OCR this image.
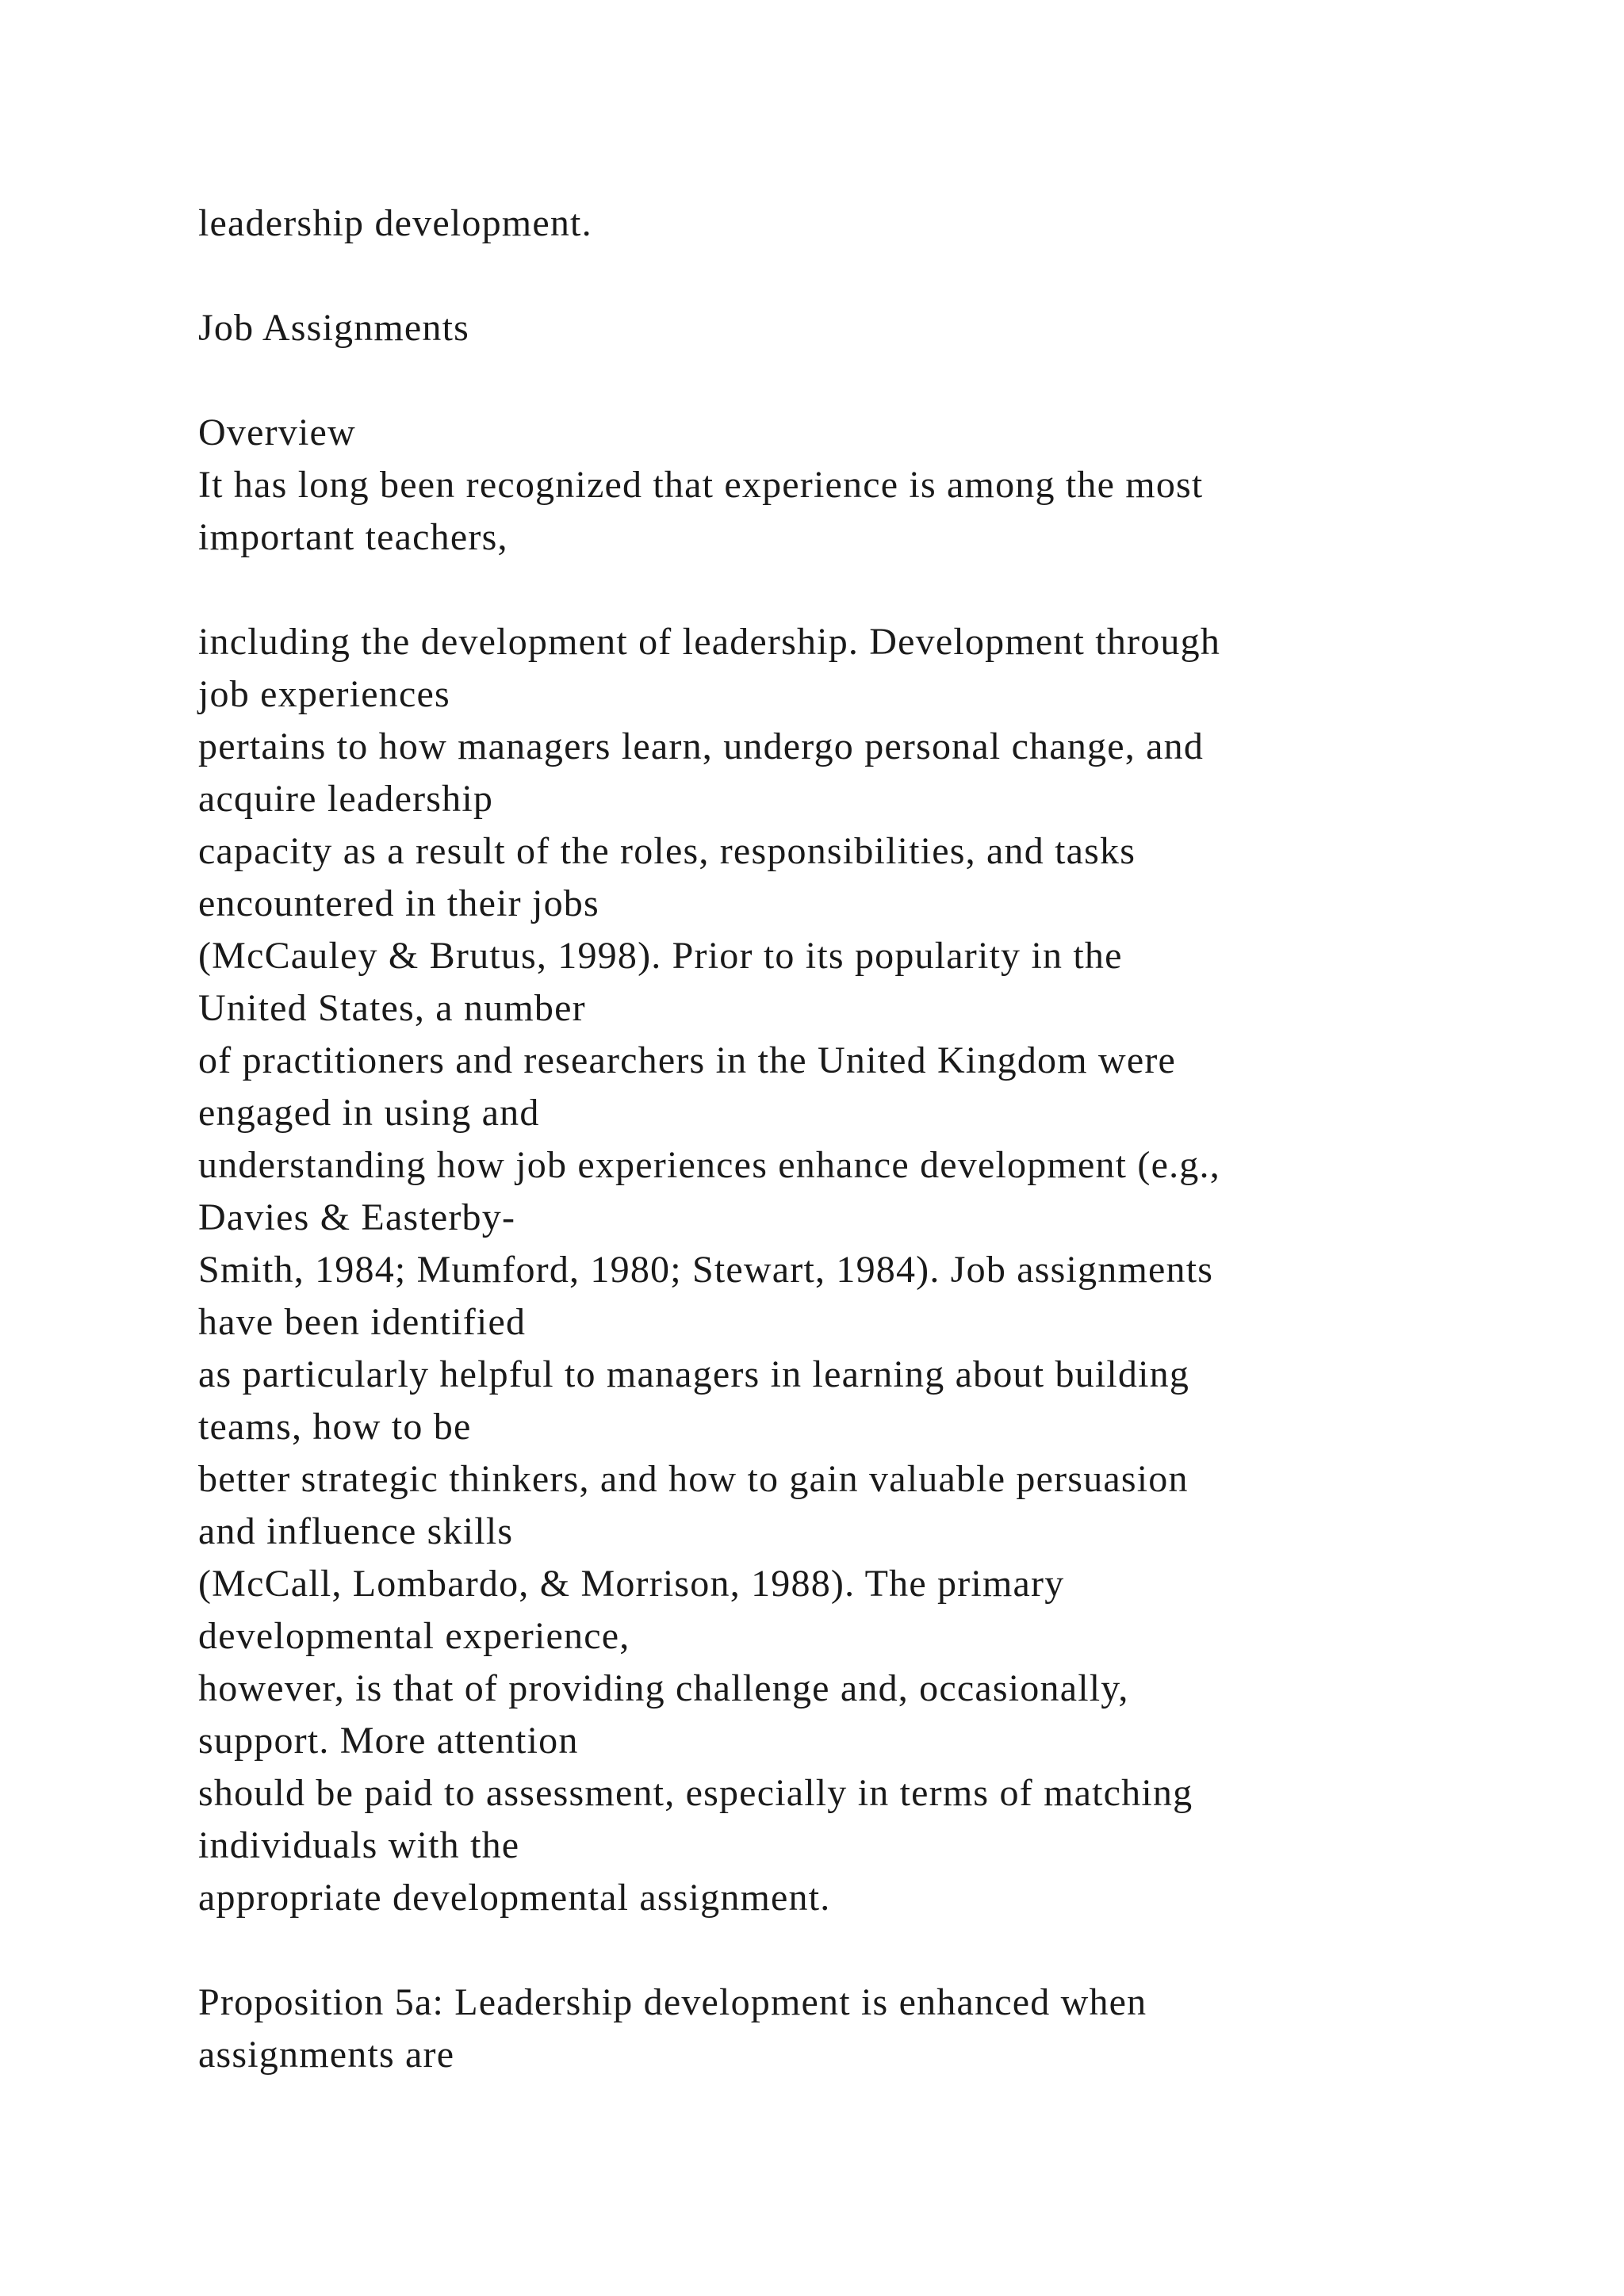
leadership development.
Job Assignments
Overview
It has long been recognized that experience is among the most
important teachers,
including the development of leadership. Development through
job experiences
pertains to how managers learn, undergo personal change, and
acquire leadership
capacity as a result of the roles, responsibilities, and tasks
encountered in their jobs
(McCauley & Brutus, 1998). Prior to its popularity in the
United States, a number
of practitioners and researchers in the United Kingdom were
engaged in using and
understanding how job experiences enhance development (e.g.,
Davies & Easterby-
Smith, 1984; Mumford, 1980; Stewart, 1984). Job assignments
have been identified
as particularly helpful to managers in learning about building
teams, how to be
better strategic thinkers, and how to gain valuable persuasion
and influence skills
(McCall, Lombardo, & Morrison, 1988). The primary
developmental experience,
however, is that of providing challenge and, occasionally,
support. More attention
should be paid to assessment, especially in terms of matching
individuals with the
appropriate developmental assignment.
Proposition 5a: Leadership development is enhanced when
assignments are
